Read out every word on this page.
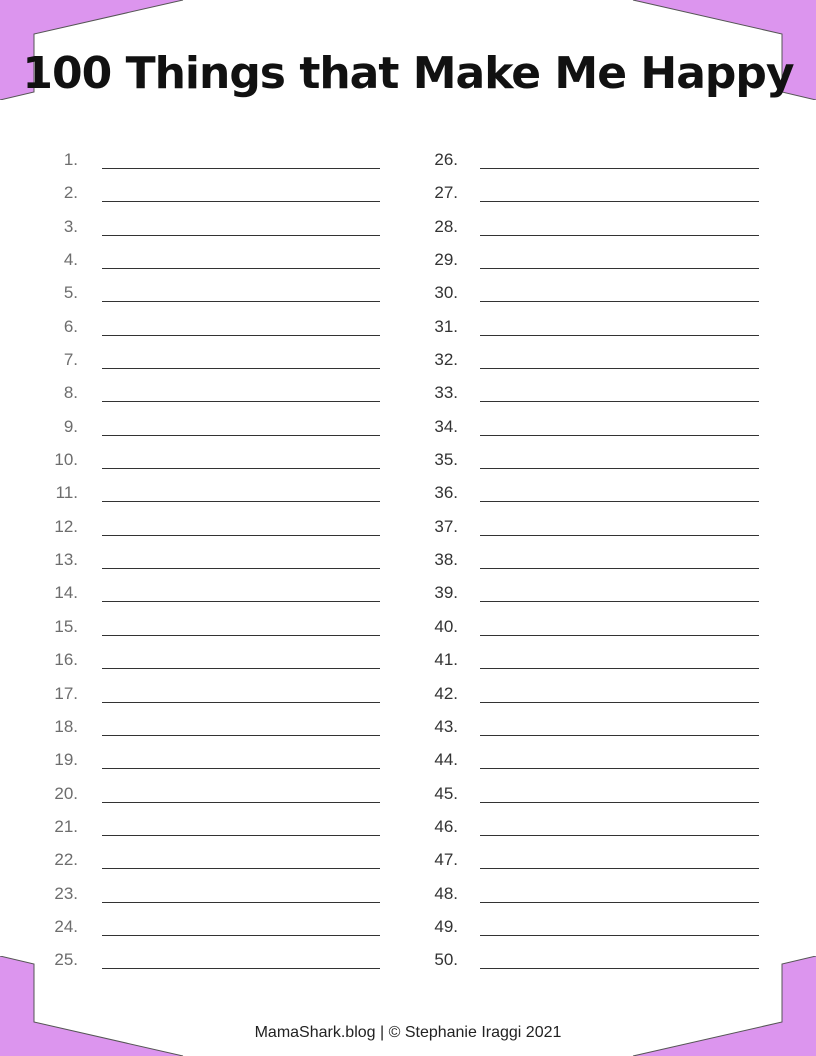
100 Things that Make Me Happy
1.
2.
3.
4.
5.
6.
7.
8.
9.
10.
11.
12.
13.
14.
15.
16.
17.
18.
19.
20.
21.
22.
23.
24.
25.
26.
27.
28.
29.
30.
31.
32.
33.
34.
35.
36.
37.
38.
39.
40.
41.
42.
43.
44.
45.
46.
47.
48.
49.
50.
MamaShark.blog | © Stephanie Iraggi 2021
